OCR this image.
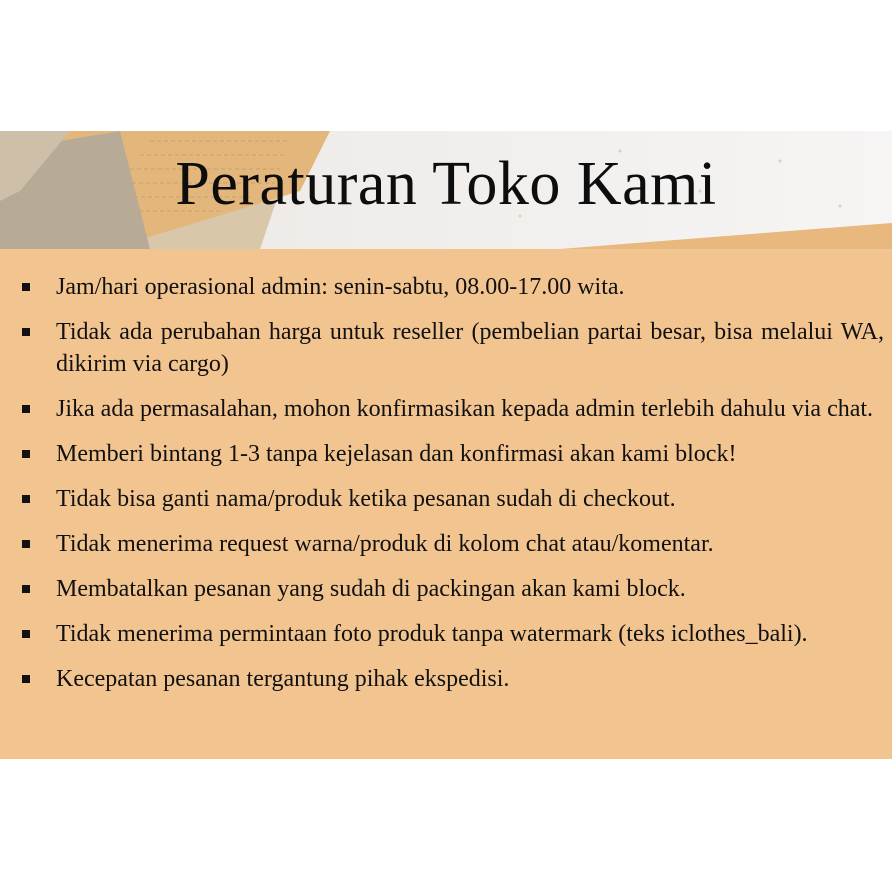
Peraturan Toko Kami
Jam/hari operasional admin: senin-sabtu, 08.00-17.00 wita.
Tidak ada perubahan harga untuk reseller (pembelian partai besar, bisa melalui WA, dikirim via cargo)
Jika ada permasalahan, mohon konfirmasikan kepada admin terlebih dahulu via chat.
Memberi bintang 1-3 tanpa kejelasan dan konfirmasi akan kami block!
Tidak bisa ganti nama/produk ketika pesanan sudah di checkout.
Tidak menerima request warna/produk di kolom chat atau/komentar.
Membatalkan pesanan yang sudah di packingan akan kami block.
Tidak menerima permintaan foto produk tanpa watermark (teks iclothes_bali).
Kecepatan pesanan tergantung pihak ekspedisi.
